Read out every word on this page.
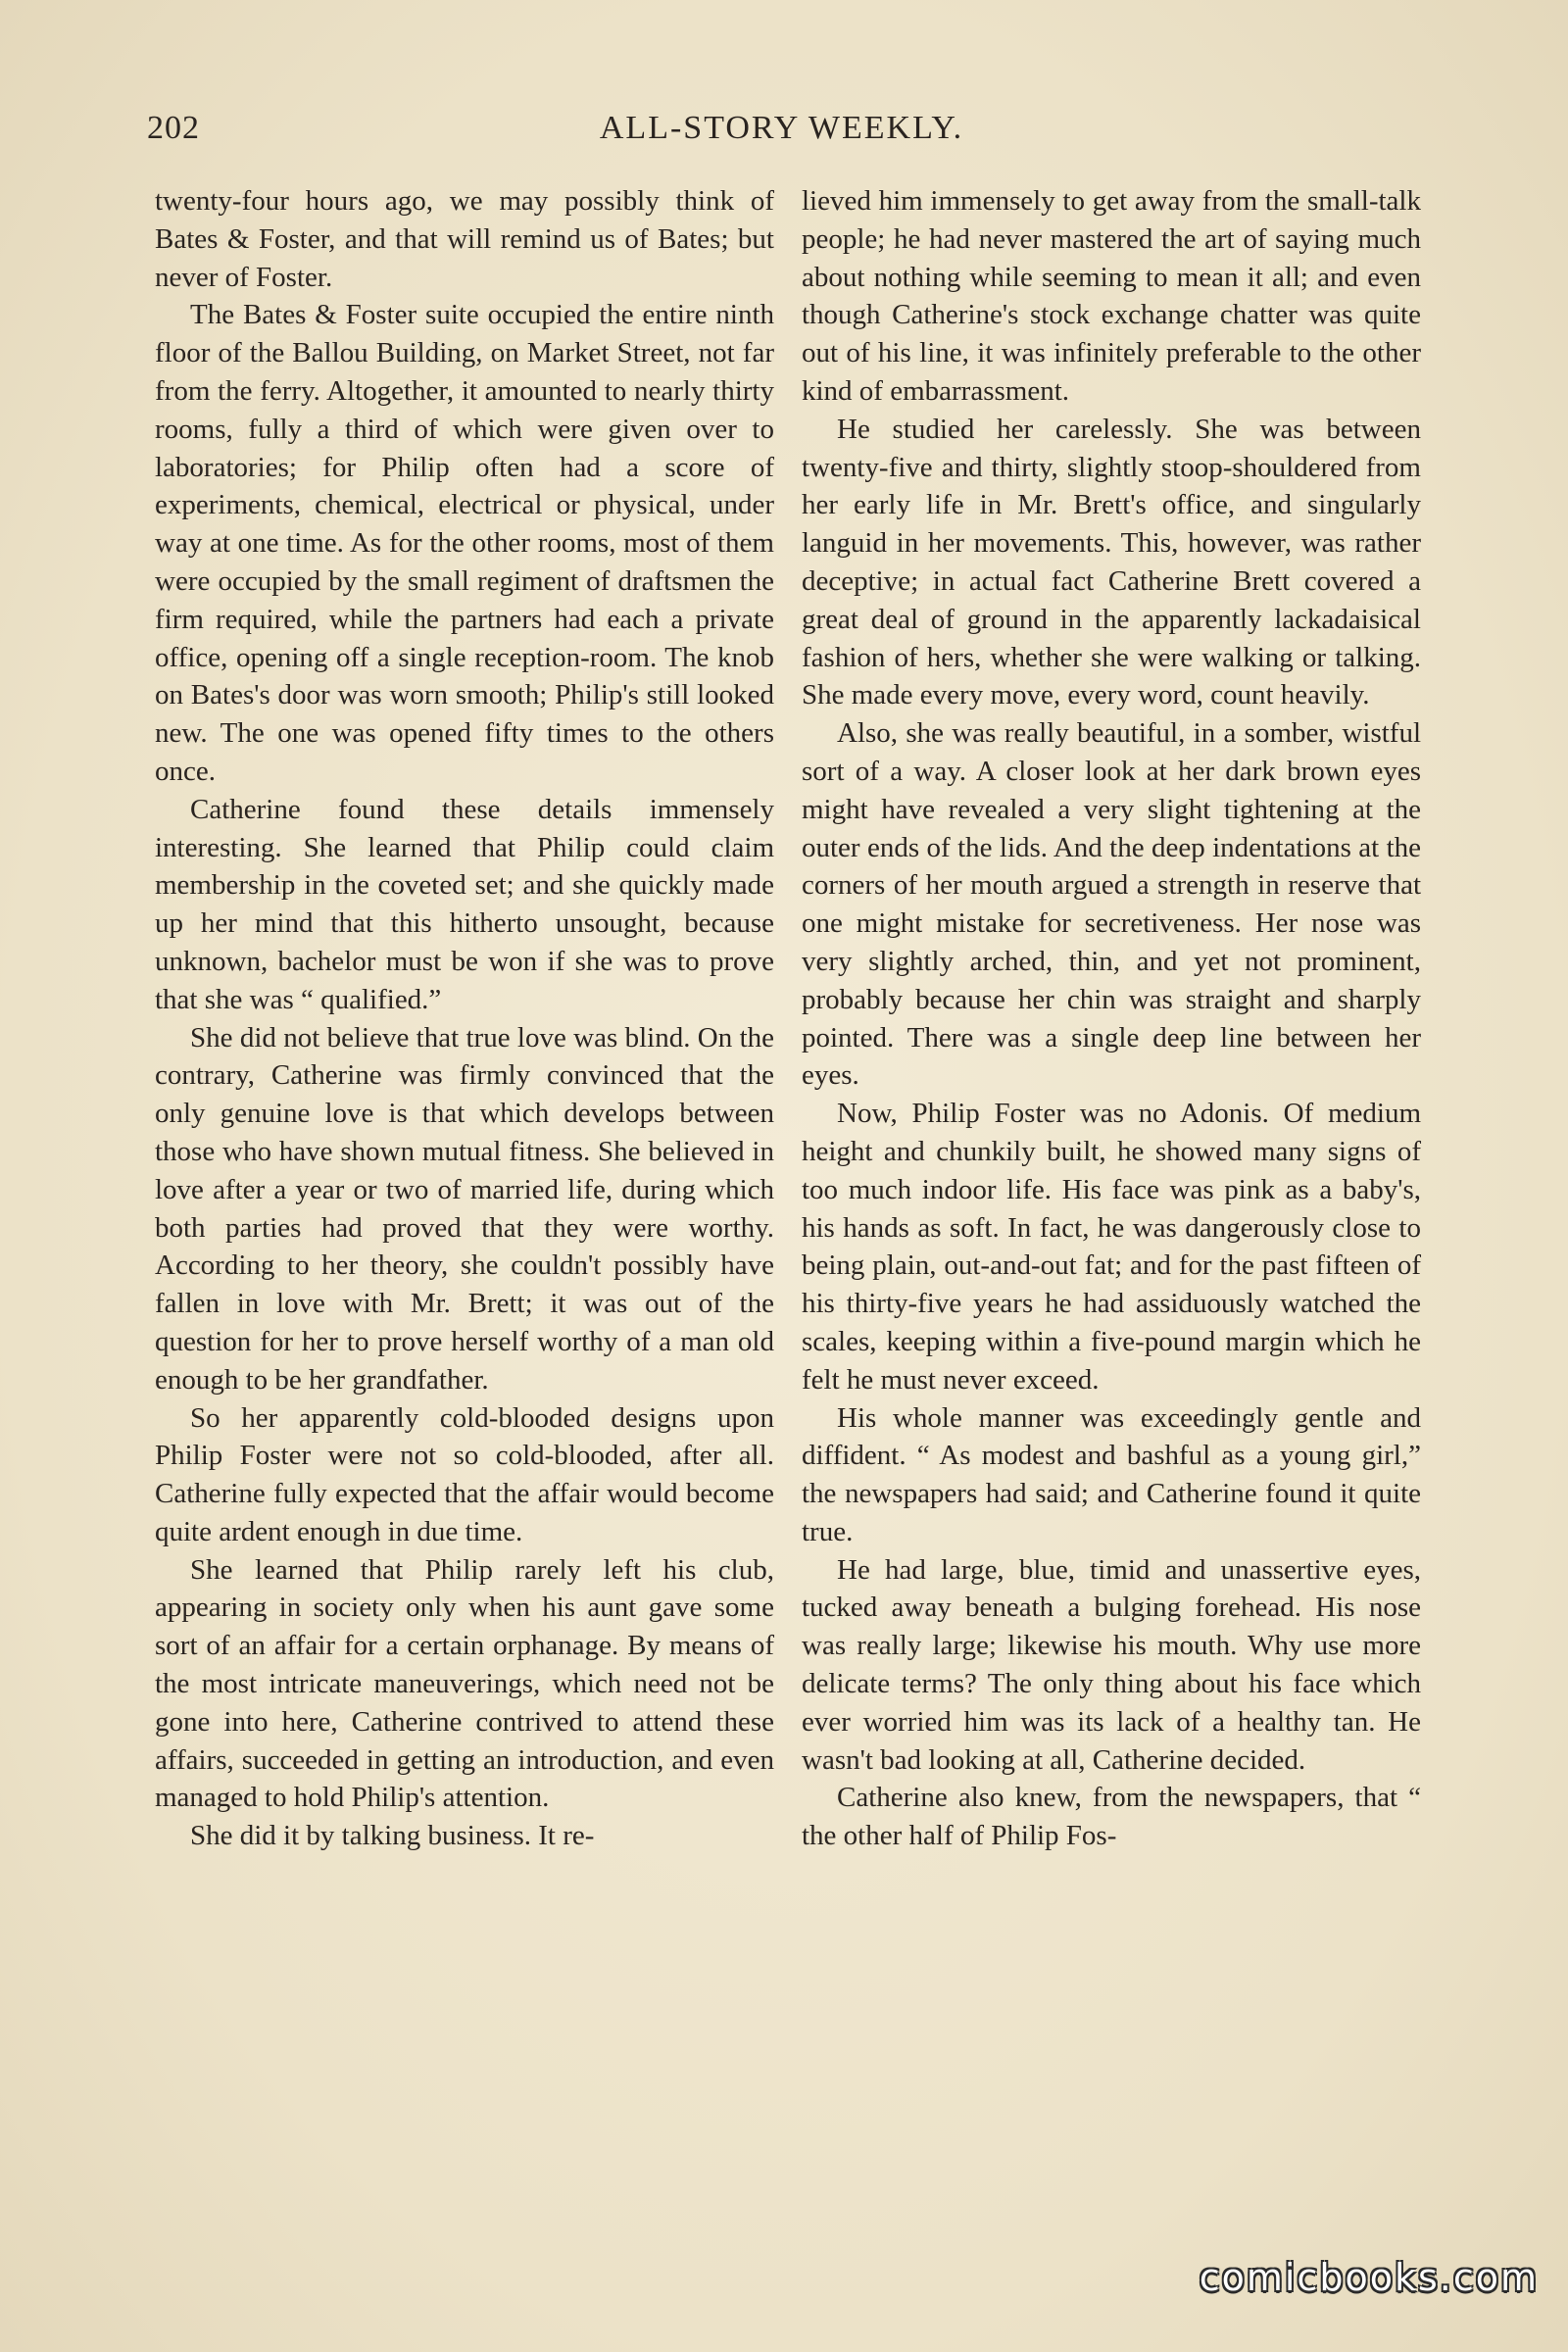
202	ALL-STORY WEEKLY.

twenty-four hours ago, we may possibly think of Bates & Foster, and that will remind us of Bates; but never of Foster.

The Bates & Foster suite occupied the entire ninth floor of the Ballou Building, on Market Street, not far from the ferry. Altogether, it amounted to nearly thirty rooms, fully a third of which were given over to laboratories; for Philip often had a score of experiments, chemical, electrical or physical, under way at one time. As for the other rooms, most of them were occupied by the small regiment of draftsmen the firm required, while the partners had each a private office, opening off a single reception-room. The knob on Bates's door was worn smooth; Philip's still looked new. The one was opened fifty times to the others once.

Catherine found these details immensely interesting. She learned that Philip could claim membership in the coveted set; and she quickly made up her mind that this hitherto unsought, because unknown, bachelor must be won if she was to prove that she was “ qualified.”

She did not believe that true love was blind. On the contrary, Catherine was firmly convinced that the only genuine love is that which develops between those who have shown mutual fitness. She believed in love after a year or two of married life, during which both parties had proved that they were worthy. According to her theory, she couldn't possibly have fallen in love with Mr. Brett; it was out of the question for her to prove herself worthy of a man old enough to be her grandfather.

So her apparently cold-blooded designs upon Philip Foster were not so cold-blooded, after all. Catherine fully expected that the affair would become quite ardent enough in due time.

She learned that Philip rarely left his club, appearing in society only when his aunt gave some sort of an affair for a certain orphanage. By means of the most intricate maneuverings, which need not be gone into here, Catherine contrived to attend these affairs, succeeded in getting an introduction, and even managed to hold Philip's attention.

She did it by talking business. It re-

lieved him immensely to get away from the small-talk people; he had never mastered the art of saying much about nothing while seeming to mean it all; and even though Catherine's stock exchange chatter was quite out of his line, it was infinitely preferable to the other kind of embarrassment.

He studied her carelessly. She was between twenty-five and thirty, slightly stoop-shouldered from her early life in Mr. Brett's office, and singularly languid in her movements. This, however, was rather deceptive; in actual fact Catherine Brett covered a great deal of ground in the apparently lackadaisical fashion of hers, whether she were walking or talking. She made every move, every word, count heavily.

Also, she was really beautiful, in a somber, wistful sort of a way. A closer look at her dark brown eyes might have revealed a very slight tightening at the outer ends of the lids. And the deep indentations at the corners of her mouth argued a strength in reserve that one might mistake for secretiveness. Her nose was very slightly arched, thin, and yet not prominent, probably because her chin was straight and sharply pointed. There was a single deep line between her eyes.

Now, Philip Foster was no Adonis. Of medium height and chunkily built, he showed many signs of too much indoor life. His face was pink as a baby's, his hands as soft. In fact, he was dangerously close to being plain, out-and-out fat; and for the past fifteen of his thirty-five years he had assiduously watched the scales, keeping within a five-pound margin which he felt he must never exceed.

His whole manner was exceedingly gentle and diffident. “ As modest and bashful as a young girl,” the newspapers had said; and Catherine found it quite true.

He had large, blue, timid and unassertive eyes, tucked away beneath a bulging forehead. His nose was really large; likewise his mouth. Why use more delicate terms? The only thing about his face which ever worried him was its lack of a healthy tan. He wasn't bad looking at all, Catherine decided.

Catherine also knew, from the newspapers, that “ the other half of Philip Fos-

comicbooks.com
